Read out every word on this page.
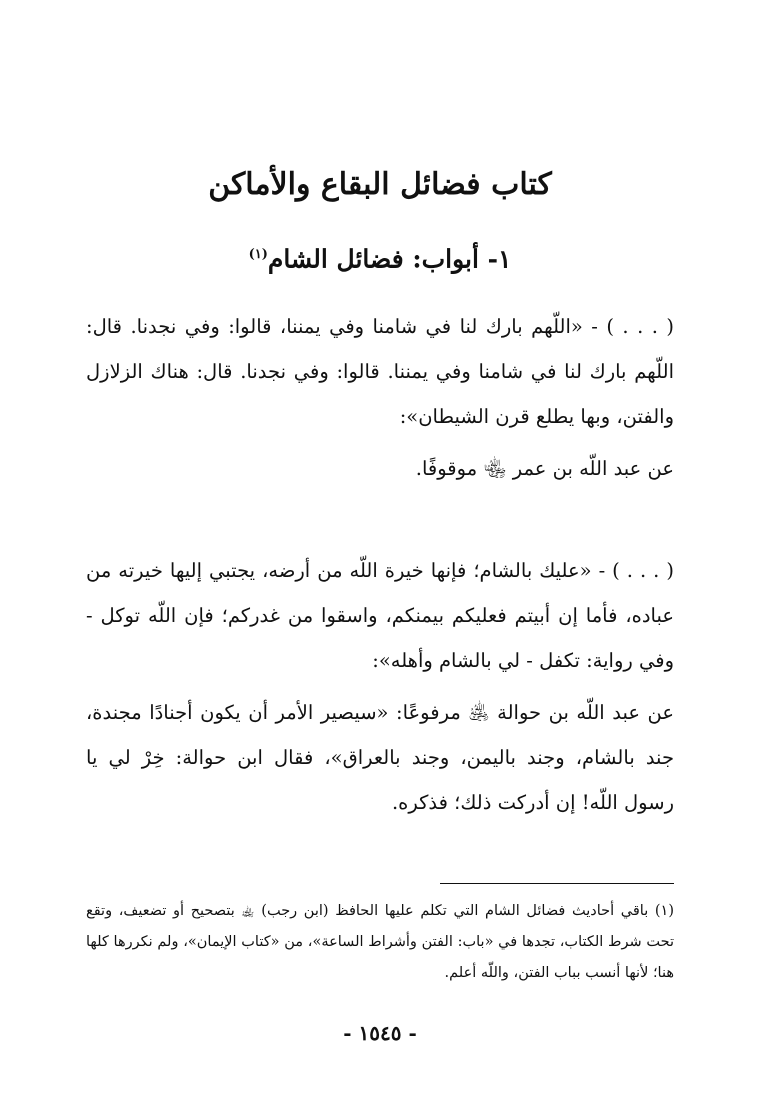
كتاب فضائل البقاع والأماكن
١- أبواب: فضائل الشام$^{(١)}$

( . . . ) - «اللّهم بارك لنا في شامنا وفي يمننا، قالوا: وفي نجدنا. قال: اللّهم بارك لنا في شامنا وفي يمننا. قالوا: وفي نجدنا. قال: هناك الزلازل والفتن، وبها يطلع قرن الشيطان»:

عن عبد اللّه بن عمر ﵄ موقوفًا.

( . . . ) - «عليك بالشام؛ فإنها خيرة اللّه من أرضه، يجتبي إليها خيرته من عباده، فأما إن أبيتم فعليكم بيمنكم، واسقوا من غدركم؛ فإن اللّه توكل - وفي رواية: تكفل - لي بالشام وأهله»:

عن عبد اللّه بن حوالة ﵁ مرفوعًا: «سيصير الأمر أن يكون أجنادًا مجندة، جند بالشام، وجند باليمن، وجند بالعراق»، فقال ابن حوالة: خِرْ لي يا رسول اللّه! إن أدركت ذلك؛ فذكره.

(١) باقي أحاديث فضائل الشام التي تكلم عليها الحافظ (ابن رجب) ﵀ بتصحيح أو تضعيف، وتقع تحت شرط الكتاب، تجدها في «باب: الفتن وأشراط الساعة»، من «كتاب الإيمان»، ولم نكررها كلها هنا؛ لأنها أنسب بباب الفتن، واللّه أعلم.

- ١٥٤٥ -
